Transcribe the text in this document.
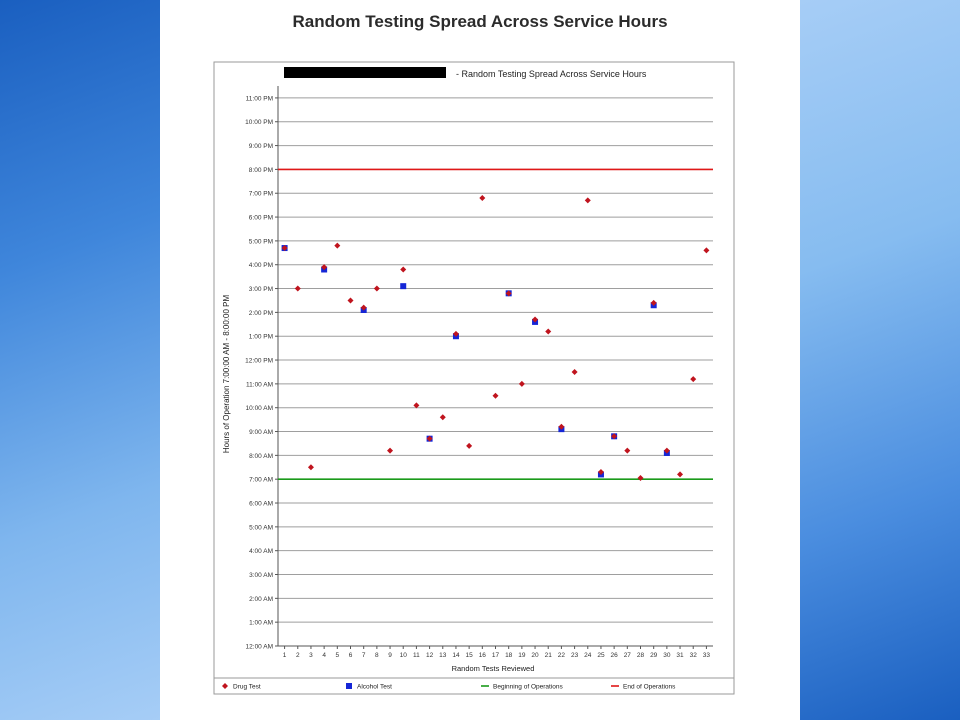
Random Testing Spread Across Service Hours
- Random Testing Spread Across Service Hours
Hours of Operation 7:00:00 AM - 8:00:00 PM
Random Tests Reviewed
12:00 AM
1:00 AM
2:00 AM
3:00 AM
4:00 AM
5:00 AM
6:00 AM
7:00 AM
8:00 AM
9:00 AM
10:00 AM
11:00 AM
12:00 PM
1:00 PM
2:00 PM
3:00 PM
4:00 PM
5:00 PM
6:00 PM
7:00 PM
8:00 PM
9:00 PM
10:00 PM
11:00 PM
1 2 3 4 5 6 7 8 9 10 11 12 13 14 15 16 17 18 19 20 21 22 23 24 25 26 27 28 29 30 31 32 33
Drug Test	Alcohol Test	Beginning of Operations	End of Operations
